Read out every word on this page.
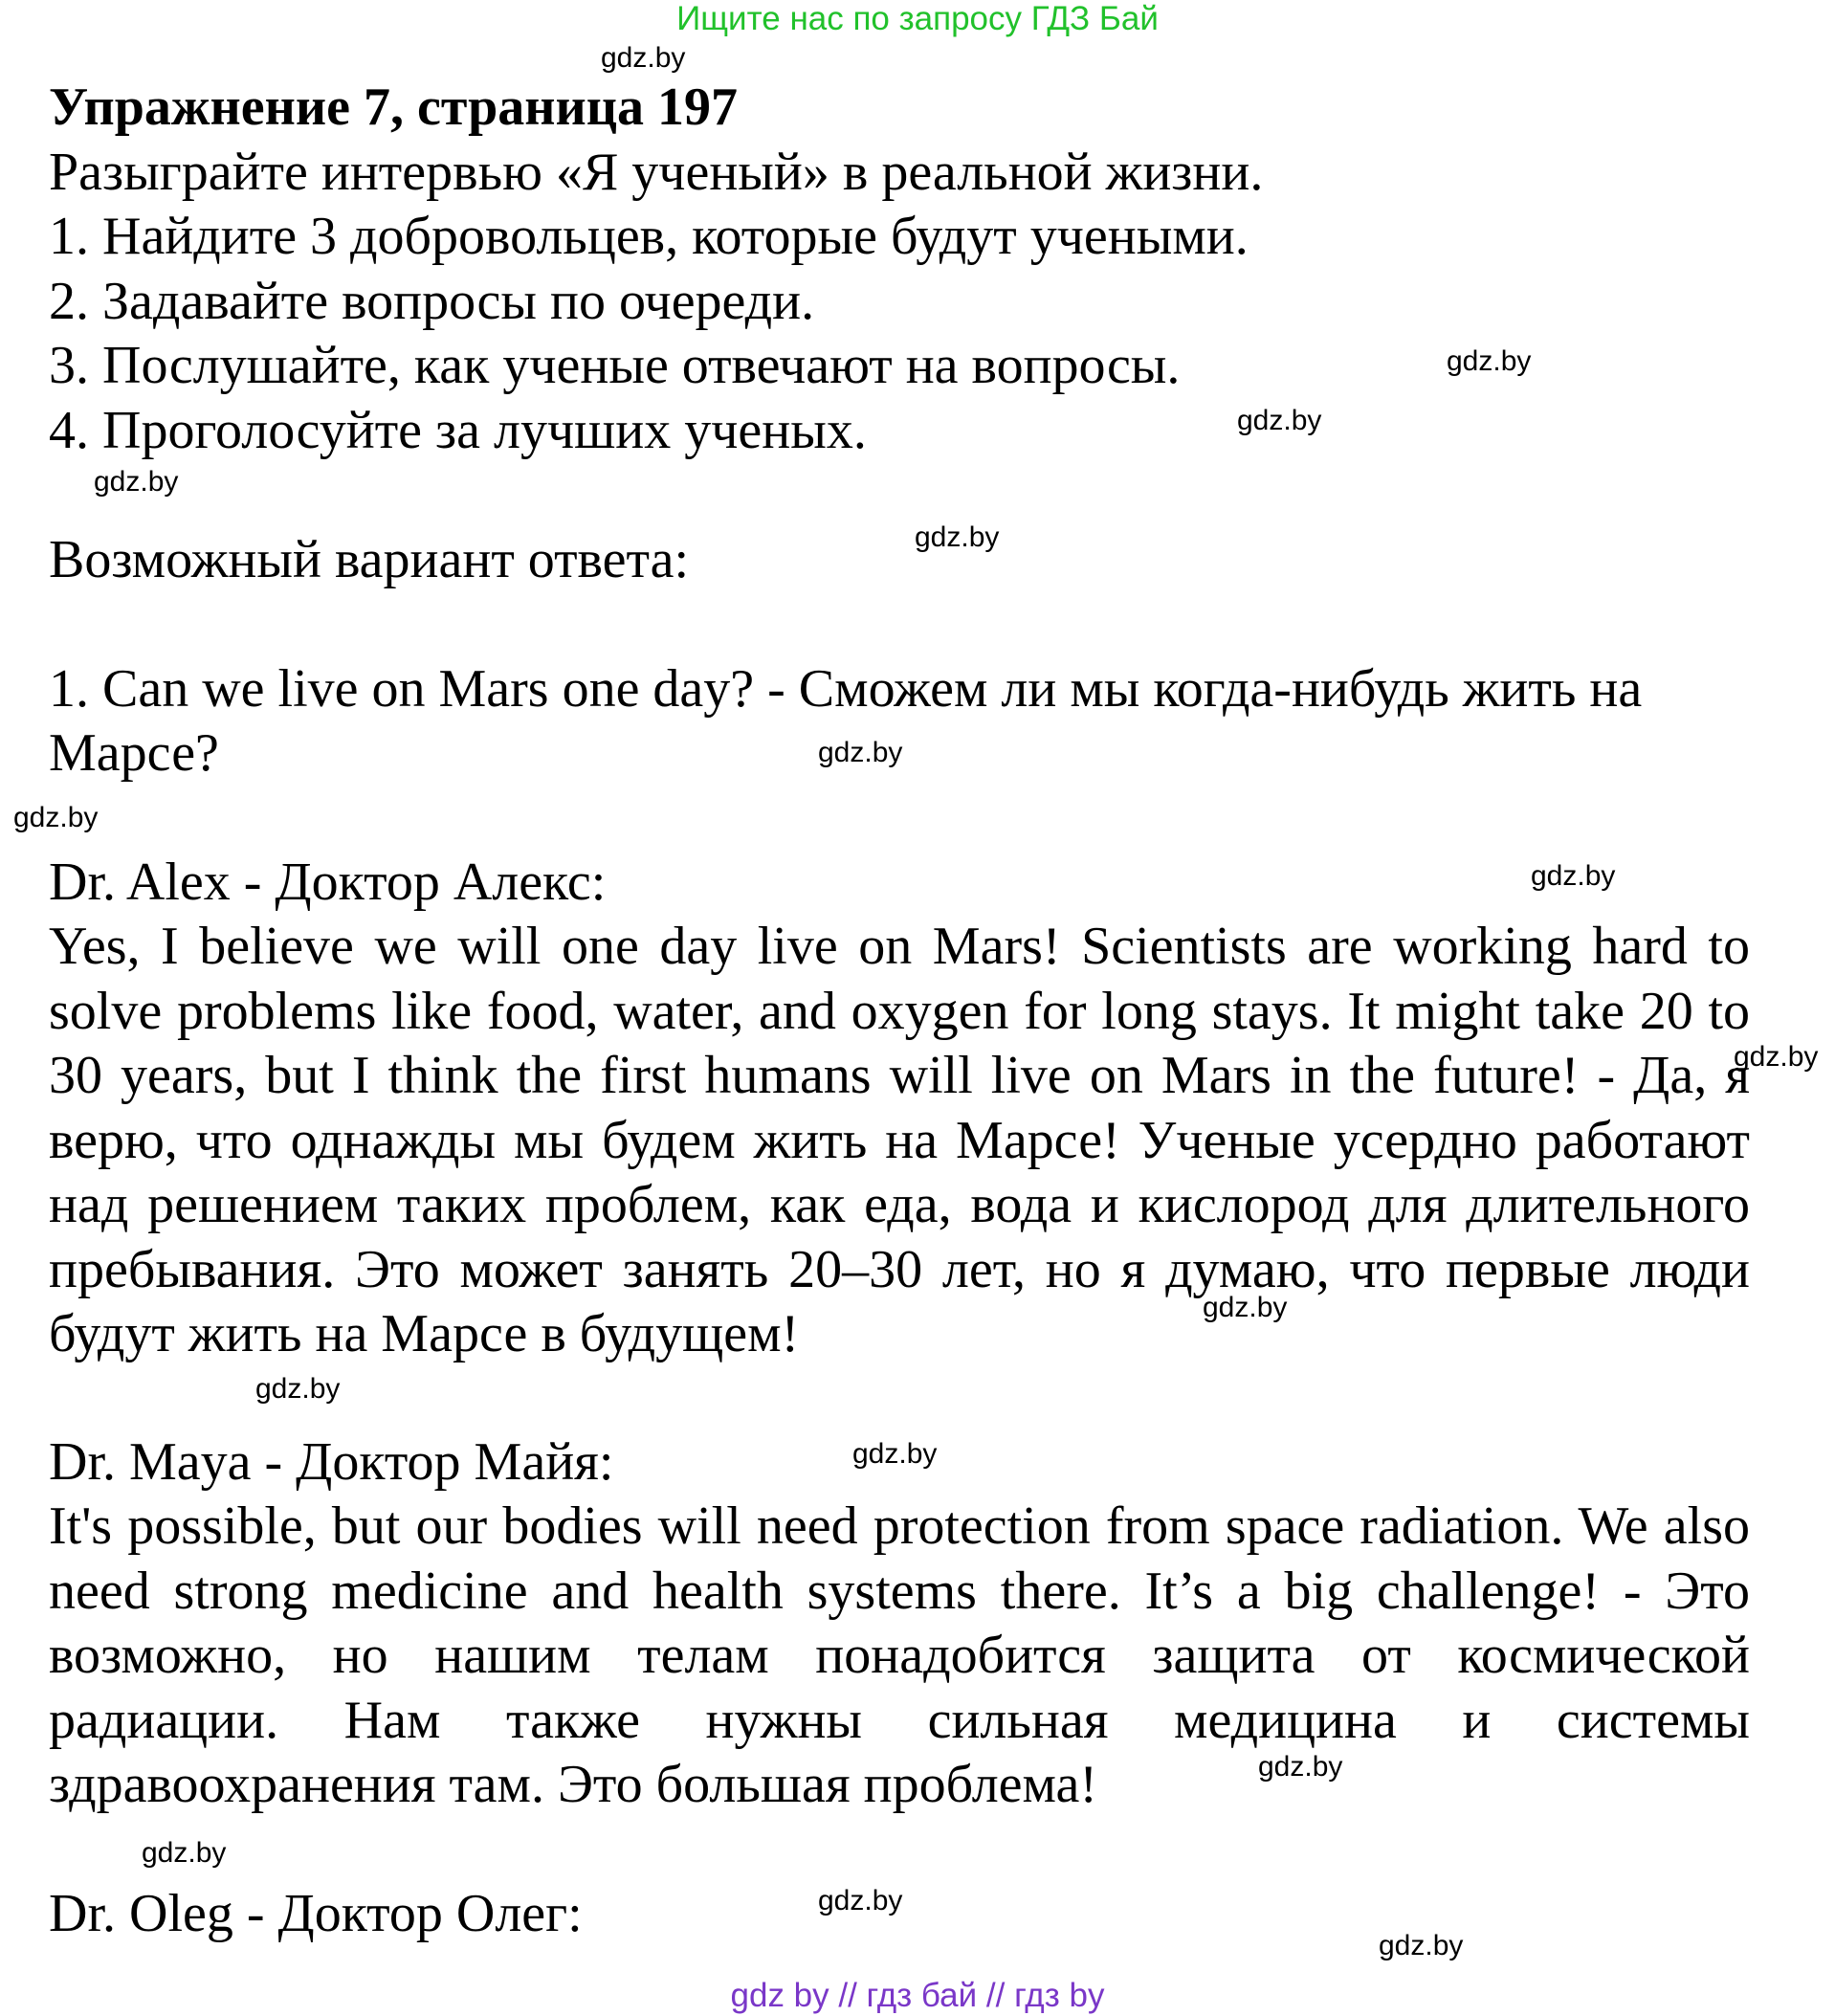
Ищите нас по запросу ГДЗ Бай

Упражнение 7, страница 197

Разыграйте интервью «Я ученый» в реальной жизни.

1. Найдите 3 добровольцев, которые будут учеными.

2. Задавайте вопросы по очереди.

3. Послушайте, как ученые отвечают на вопросы.

4. Проголосуйте за лучших ученых.

Возможный вариант ответа:

1. Can we live on Mars one day? - Сможем ли мы когда-нибудь жить на Марсе?

Dr. Alex - Доктор Алекс:

Yes, I believe we will one day live on Mars! Scientists are working hard to solve problems like food, water, and oxygen for long stays. It might take 20 to 30 years, but I think the first humans will live on Mars in the future! - Да, я верю, что однажды мы будем жить на Марсе! Ученые усердно работают над решением таких проблем, как еда, вода и кислород для длительного пребывания. Это может занять 20–30 лет, но я думаю, что первые люди будут жить на Марсе в будущем!

Dr. Maya - Доктор Майя:

It's possible, but our bodies will need protection from space radiation. We also need strong medicine and health systems there. It’s a big challenge! - Это возможно, но нашим телам понадобится защита от космической радиации. Нам также нужны сильная медицина и системы здравоохранения там. Это большая проблема!

Dr. Oleg - Доктор Олег:

gdz.by
gdz.by
gdz.by
gdz.by
gdz.by
gdz.by
gdz.by
gdz.by
gdz.by
gdz.by
gdz.by
gdz.by
gdz.by
gdz.by
gdz.by
gdz.by
gdz by // гдз бай // гдз by
